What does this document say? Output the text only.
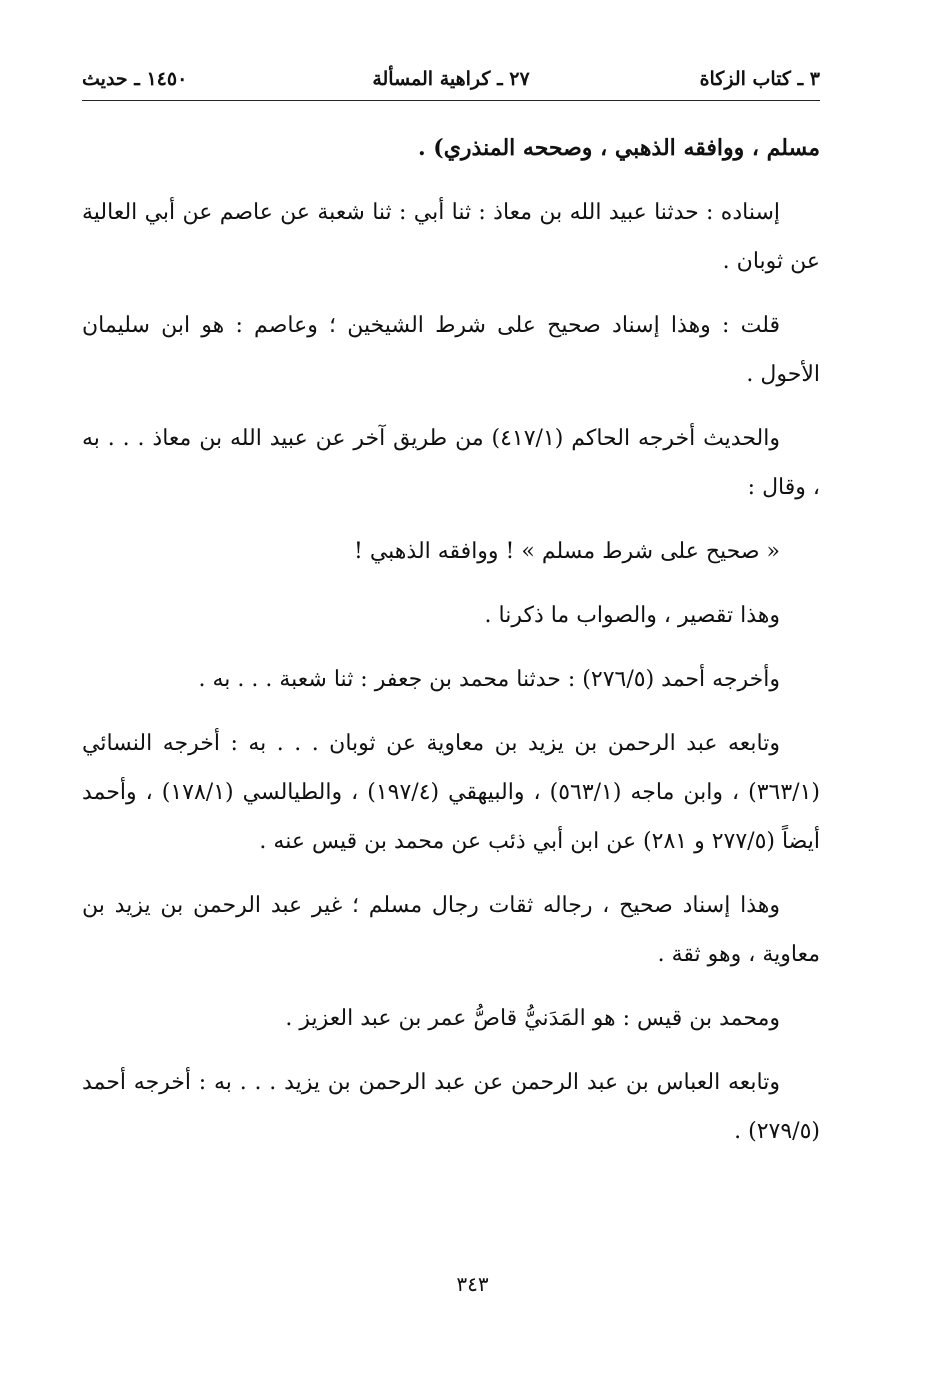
٣ ـ كتاب الزكاة
٢٧ ـ كراهية المسألة
١٤٥٠ ـ حديث

مسلم ، ووافقه الذهبي ، وصححه المنذري) .

إسناده : حدثنا عبيد الله بن معاذ : ثنا أبي : ثنا شعبة عن عاصم عن أبي العالية عن ثوبان .

قلت : وهذا إسناد صحيح على شرط الشيخين ؛ وعاصم : هو ابن سليمان الأحول .

والحديث أخرجه الحاكم (٤١٧/١) من طريق آخر عن عبيد الله بن معاذ . . . به ، وقال :

« صحيح على شرط مسلم » ! ووافقه الذهبي !

وهذا تقصير ، والصواب ما ذكرنا .

وأخرجه أحمد (٢٧٦/٥) : حدثنا محمد بن جعفر : ثنا شعبة . . . به .

وتابعه عبد الرحمن بن يزيد بن معاوية عن ثوبان . . . به : أخرجه النسائي (٣٦٣/١) ، وابن ماجه (٥٦٣/١) ، والبيهقي (١٩٧/٤) ، والطيالسي (١٧٨/١) ، وأحمد أيضاً (٢٧٧/٥ و ٢٨١) عن ابن أبي ذئب عن محمد بن قيس عنه .

وهذا إسناد صحيح ، رجاله ثقات رجال مسلم ؛ غير عبد الرحمن بن يزيد بن معاوية ، وهو ثقة .

ومحمد بن قيس : هو المَدَنيُّ قاصُّ عمر بن عبد العزيز .

وتابعه العباس بن عبد الرحمن عن عبد الرحمن بن يزيد . . . به : أخرجه أحمد (٢٧٩/٥) .

٣٤٣
